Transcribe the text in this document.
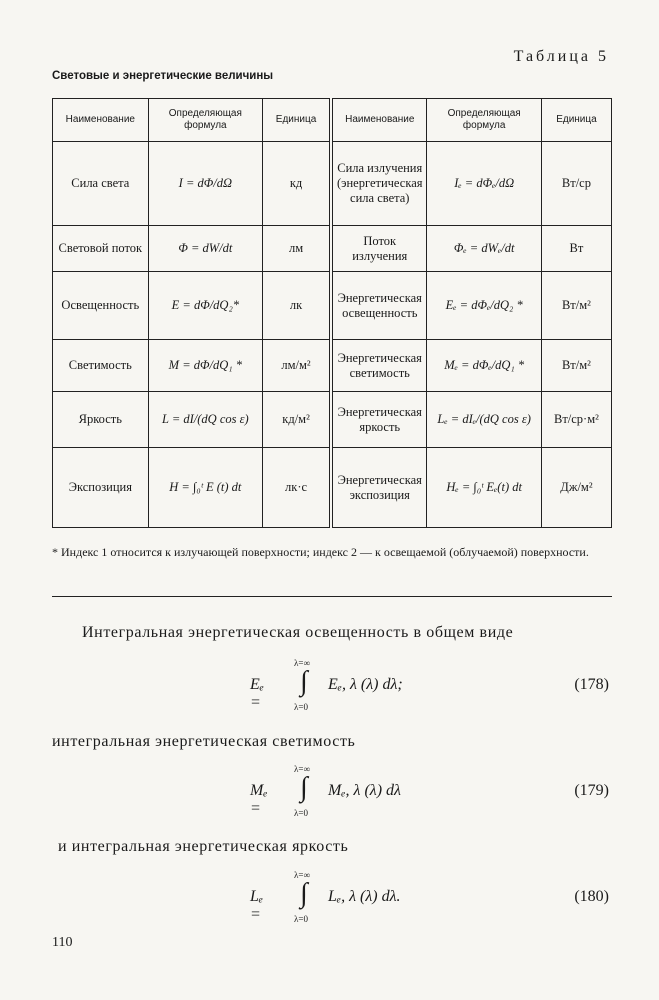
Таблица 5
Световые и энергетические величины
Наименование	Определяющая формула	Единица	Наименование	Определяющая формула	Единица
Сила света	I = dΦ/dΩ	кд	Сила излучения (энергетическая сила света)	Iₑ = dΦₑ/dΩ	Вт/ср
Световой поток	Φ = dW/dt	лм	Поток излучения	Φₑ = dWₑ/dt	Вт
Освещенность	E = dΦ/dQ₂*	лк	Энергетическая освещенность	Eₑ = dΦₑ/dQ₂ *	Вт/м²
Светимость	M = dΦ/dQ₁ *	лм/м²	Энергетическая светимость	Mₑ = dΦₑ/dQ₁ *	Вт/м²
Яркость	L = dI/(dQ cos ε)	кд/м²	Энергетическая яркость	Lₑ = dIₑ/(dQ cos ε)	Вт/ср·м²
Экспозиция	H = ∫₀ᵗ E (t) dt	лк·с	Энергетическая экспозиция	Hₑ = ∫₀ᵗ Eₑ(t) dt	Дж/м²
* Индекс 1 относится к излучающей поверхности; индекс 2 — к освещаемой (облучаемой) поверхности.
Интегральная энергетическая освещенность в общем виде
λ=∞
Eₑ =
∫ Eₑ, λ (λ) dλ;
λ=0
(178)
интегральная энергетическая светимость
λ=∞
Mₑ =
∫ Mₑ, λ (λ) dλ
λ=0
(179)
и интегральная энергетическая яркость
λ=∞
Lₑ =
∫ Lₑ, λ (λ) dλ.
λ=0
(180)
110
